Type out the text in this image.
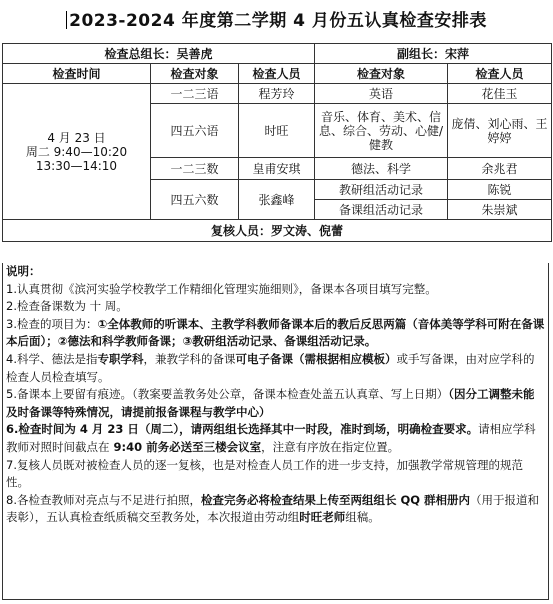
2023-2024 年度第二学期 4 月份五认真检查安排表
检查总组长：吴善虎			副组长：宋萍	
检查时间	检查对象	检查人员	检查对象	检查人员

4 月 23 日
周二 9:40—10:20
13:30—14:10	一二三语	程芳玲	英语	花佳玉
	四五六语	时旺	音乐、体育、美术、信息、综合、劳动、心健/健教	庞倩、刘心雨、王婷婷
	一二三数	皇甫安琪	德法、科学	余兆君
	四五六数	张鑫峰	教研组活动记录	陈锐
			备课组活动记录	朱崇斌
复核人员：罗文涛、倪蕾				

说明：

1.认真贯彻《滨河实验学校教学工作精细化管理实施细则》，备课本各项目填写完整。

2.检查备课数为 十 周。

3.检查的项目为：①全体教师的听课本、主教学科教师备课本后的教后反思两篇（音体美等学科可附在备课本后面）；②德法和科学教师备课；③教研组活动记录、备课组活动记录。

4.科学、德法是指专职学科，兼教学科的备课可电子备课（需根据相应模板）或手写备课，由对应学科的检查人员检查填写。

5.备课本上要留有痕迹。（教案要盖教务处公章，备课本检查处盖五认真章、写上日期）（因分工调整未能及时备课等特殊情况，请提前报备课程与教学中心）

6.检查时间为 4 月 23 日（周二），请两组组长选择其中一时段，准时到场，明确检查要求。请相应学科教师对照时间截点在 9:40 前务必送至三楼会议室，注意有序放在指定位置。

7.复核人员既对被检查人员的逐一复核，也是对检查人员工作的进一步支持，加强教学常规管理的规范性。

8.各检查教师对亮点与不足进行拍照，检查完务必将检查结果上传至两组组长 QQ 群相册内（用于报道和表彰），五认真检查纸质稿交至教务处，本次报道由劳动组时旺老师组稿。
